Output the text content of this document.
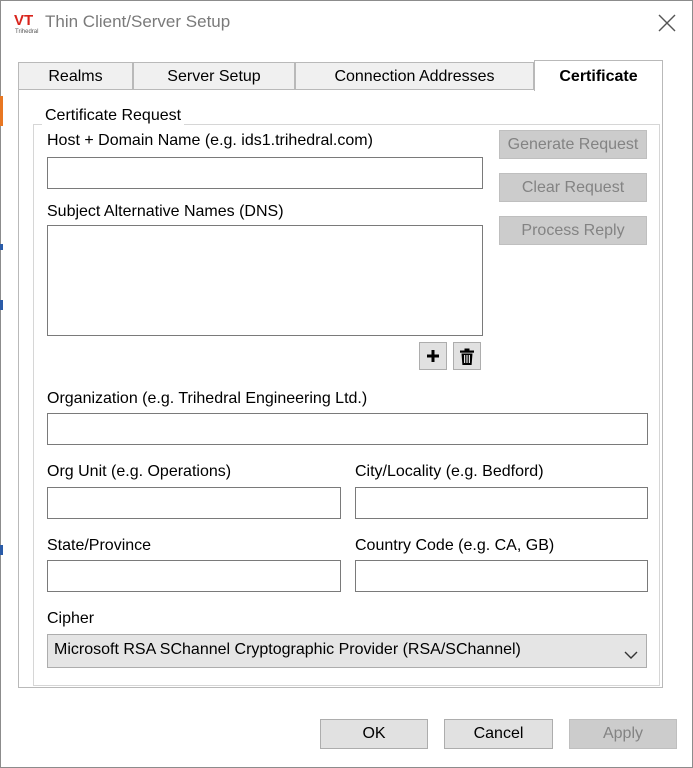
VT
Trihedral
Thin Client/Server Setup
Realms	Server Setup	Connection Addresses	Certificate
Certificate Request
Host + Domain Name (e.g. ids1.trihedral.com)
Subject Alternative Names (DNS)
Generate Request
Clear Request
Process Reply
Organization (e.g. Trihedral Engineering Ltd.)
Org Unit (e.g. Operations)	City/Locality (e.g. Bedford)
State/Province	Country Code (e.g. CA, GB)
Cipher
Microsoft RSA SChannel Cryptographic Provider (RSA/SChannel)
OK	Cancel	Apply
